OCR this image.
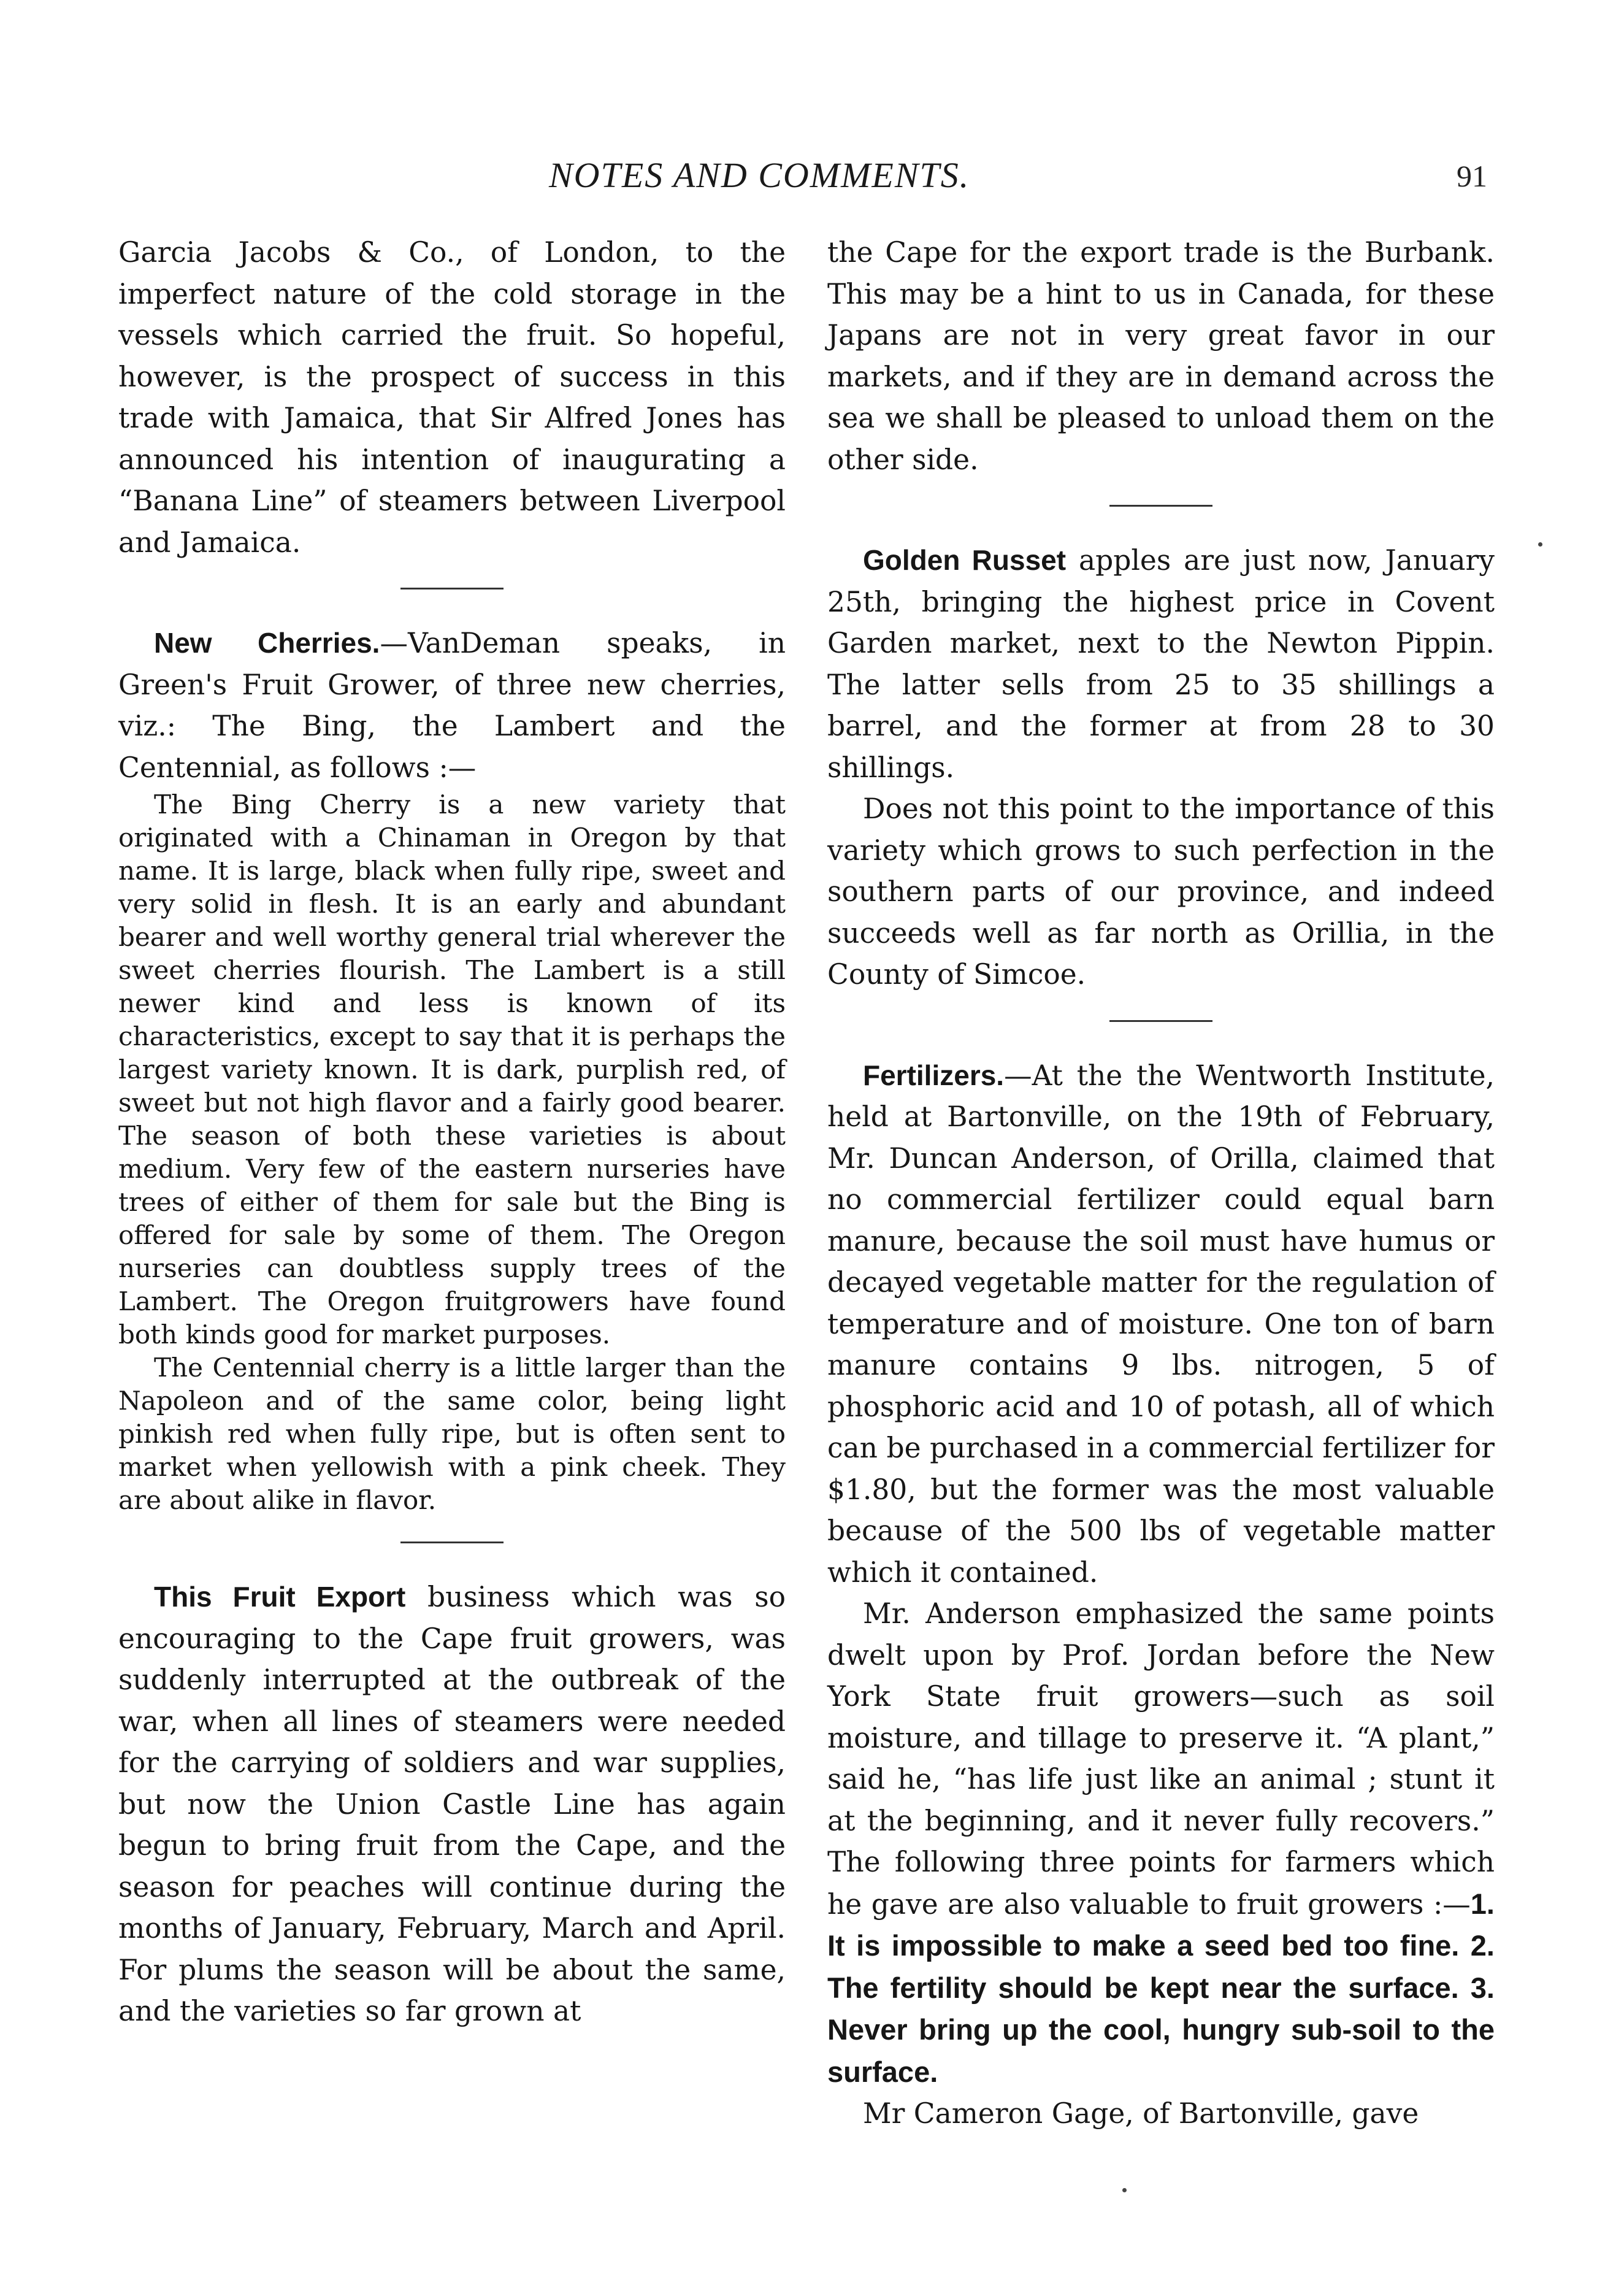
NOTES AND COMMENTS.	91

Garcia Jacobs & Co., of London, to the imperfect nature of the cold storage in the vessels which carried the fruit. So hopeful, however, is the prospect of success in this trade with Jamaica, that Sir Alfred Jones has announced his intention of inaugurating a “Banana Line” of steamers between Liverpool and Jamaica.

New Cherries.—VanDeman speaks, in Green's Fruit Grower, of three new cherries, viz.: The Bing, the Lambert and the Centennial, as follows :—

The Bing Cherry is a new variety that originated with a Chinaman in Oregon by that name. It is large, black when fully ripe, sweet and very solid in flesh. It is an early and abundant bearer and well worthy general trial wherever the sweet cherries flourish. The Lambert is a still newer kind and less is known of its characteristics, except to say that it is perhaps the largest variety known. It is dark, purplish red, of sweet but not high flavor and a fairly good bearer. The season of both these varieties is about medium. Very few of the eastern nurseries have trees of either of them for sale but the Bing is offered for sale by some of them. The Oregon nurseries can doubtless supply trees of the Lambert. The Oregon fruitgrowers have found both kinds good for market purposes.

The Centennial cherry is a little larger than the Napoleon and of the same color, being light pinkish red when fully ripe, but is often sent to market when yellowish with a pink cheek. They are about alike in flavor.

This Fruit Export business which was so encouraging to the Cape fruit growers, was suddenly interrupted at the outbreak of the war, when all lines of steamers were needed for the carrying of soldiers and war supplies, but now the Union Castle Line has again begun to bring fruit from the Cape, and the season for peaches will continue during the months of January, February, March and April. For plums the season will be about the same, and the varieties so far grown at

the Cape for the export trade is the Burbank. This may be a hint to us in Canada, for these Japans are not in very great favor in our markets, and if they are in demand across the sea we shall be pleased to unload them on the other side.

Golden Russet apples are just now, January 25th, bringing the highest price in Covent Garden market, next to the Newton Pippin. The latter sells from 25 to 35 shillings a barrel, and the former at from 28 to 30 shillings.

Does not this point to the importance of this variety which grows to such perfection in the southern parts of our province, and indeed succeeds well as far north as Orillia, in the County of Simcoe.

Fertilizers.—At the the Wentworth Institute, held at Bartonville, on the 19th of February, Mr. Duncan Anderson, of Orilla, claimed that no commercial fertilizer could equal barn manure, because the soil must have humus or decayed vegetable matter for the regulation of temperature and of moisture. One ton of barn manure contains 9 lbs. nitrogen, 5 of phosphoric acid and 10 of potash, all of which can be purchased in a commercial fertilizer for $1.80, but the former was the most valuable because of the 500 lbs of vegetable matter which it contained.

Mr. Anderson emphasized the same points dwelt upon by Prof. Jordan before the New York State fruit growers—such as soil moisture, and tillage to preserve it. “A plant,” said he, “has life just like an animal ; stunt it at the beginning, and it never fully recovers.” The following three points for farmers which he gave are also valuable to fruit growers :—1. It is impossible to make a seed bed too fine. 2. The fertility should be kept near the surface. 3. Never bring up the cool, hungry sub-soil to the surface.

Mr Cameron Gage, of Bartonville, gave
